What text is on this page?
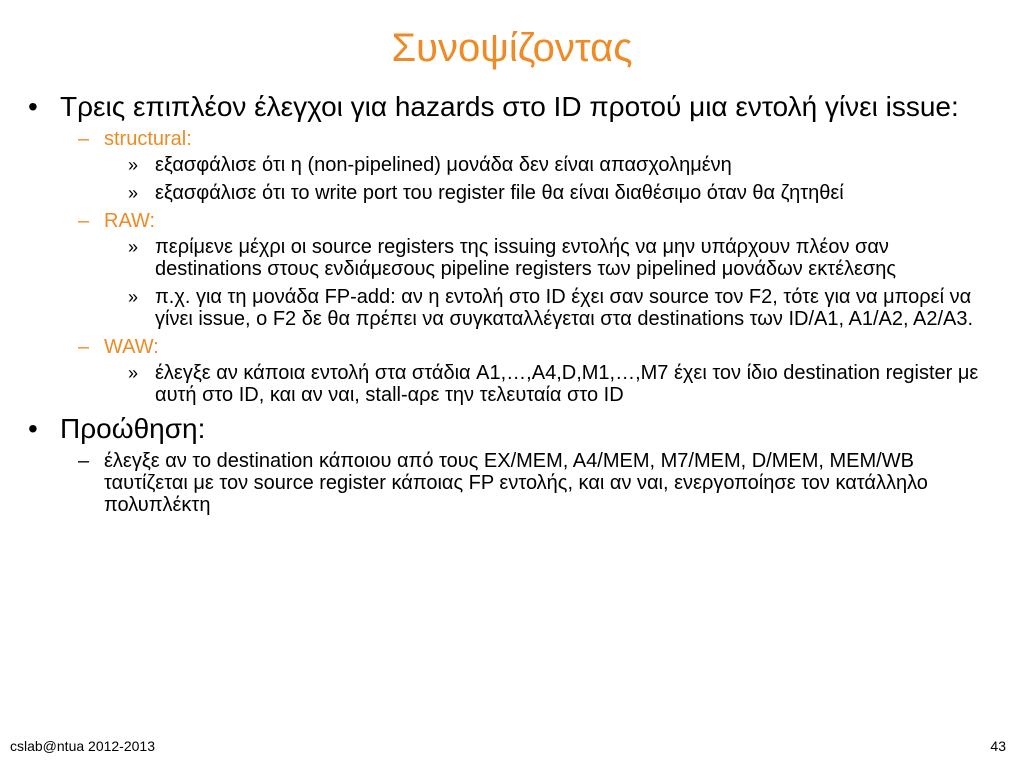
Συνοψίζοντας
• Τρεις επιπλέον έλεγχοι για hazards στο ID προτού μια εντολή γίνει issue:
– structural:
» εξασφάλισε ότι η (non-pipelined) μονάδα δεν είναι απασχολημένη
» εξασφάλισε ότι το write port του register file θα είναι διαθέσιμο όταν θα ζητηθεί
– RAW:
» περίμενε μέχρι οι source registers της issuing εντολής να μην υπάρχουν πλέον σαν destinations στους ενδιάμεσους pipeline registers των pipelined μονάδων εκτέλεσης
» π.χ. για τη μονάδα FP-add: αν η εντολή στο ID έχει σαν source τον F2, τότε για να μπορεί να γίνει issue, ο F2 δε θα πρέπει να συγκαταλλέγεται στα destinations των ID/A1, A1/A2, A2/A3.
– WAW:
» έλεγξε αν κάποια εντολή στα στάδια A1,…,A4,D,M1,…,M7 έχει τον ίδιο destination register με αυτή στο ID, και αν ναι, stall-αρε την τελευταία στο ID
• Προώθηση:
– έλεγξε αν το destination κάποιου από τους EX/MEM, A4/MEM, M7/MEM, D/MEM, MEM/WB ταυτίζεται με τον source register κάποιας FP εντολής, και αν ναι, ενεργοποίησε τον κατάλληλο πολυπλέκτη
cslab@ntua 2012-2013	43
